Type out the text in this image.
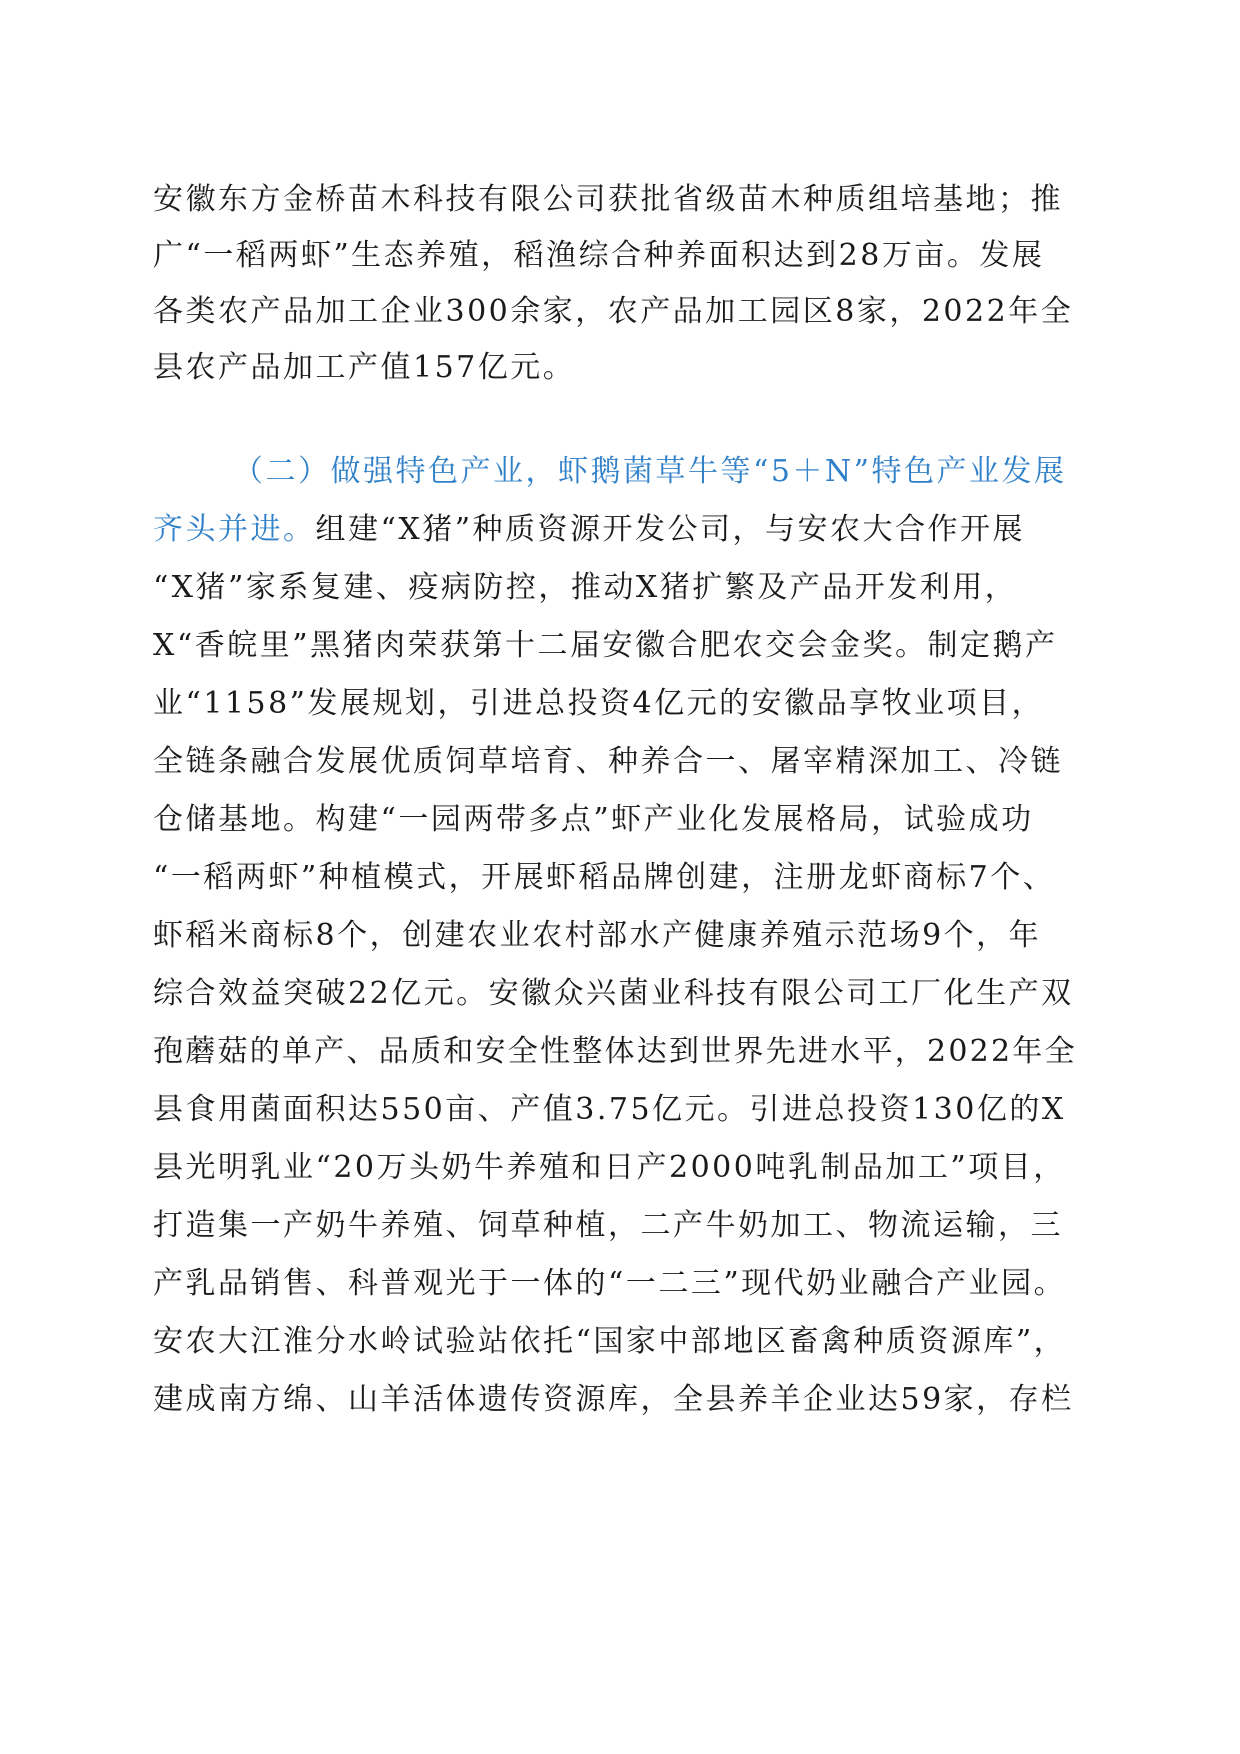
安徽东方金桥苗木科技有限公司获批省级苗木种质组培基地；推
广“一稻两虾”生态养殖，稻渔综合种养面积达到28万亩。发展
各类农产品加工企业300余家，农产品加工园区8家，2022年全
县农产品加工产值157亿元。
（二）做强特色产业，虾鹅菌草牛等“5＋N”特色产业发展
齐头并进。组建“X猪”种质资源开发公司，与安农大合作开展
“X猪”家系复建、疫病防控，推动X猪扩繁及产品开发利用，
X“香皖里”黑猪肉荣获第十二届安徽合肥农交会金奖。制定鹅产
业“1158”发展规划，引进总投资4亿元的安徽品享牧业项目，
全链条融合发展优质饲草培育、种养合一、屠宰精深加工、冷链
仓储基地。构建“一园两带多点”虾产业化发展格局，试验成功
“一稻两虾”种植模式，开展虾稻品牌创建，注册龙虾商标7个、
虾稻米商标8个，创建农业农村部水产健康养殖示范场9个，年
综合效益突破22亿元。安徽众兴菌业科技有限公司工厂化生产双
孢蘑菇的单产、品质和安全性整体达到世界先进水平，2022年全
县食用菌面积达550亩、产值3.75亿元。引进总投资130亿的X
县光明乳业“20万头奶牛养殖和日产2000吨乳制品加工”项目，
打造集一产奶牛养殖、饲草种植，二产牛奶加工、物流运输，三
产乳品销售、科普观光于一体的“一二三”现代奶业融合产业园。
安农大江淮分水岭试验站依托“国家中部地区畜禽种质资源库”，
建成南方绵、山羊活体遗传资源库，全县养羊企业达59家，存栏
